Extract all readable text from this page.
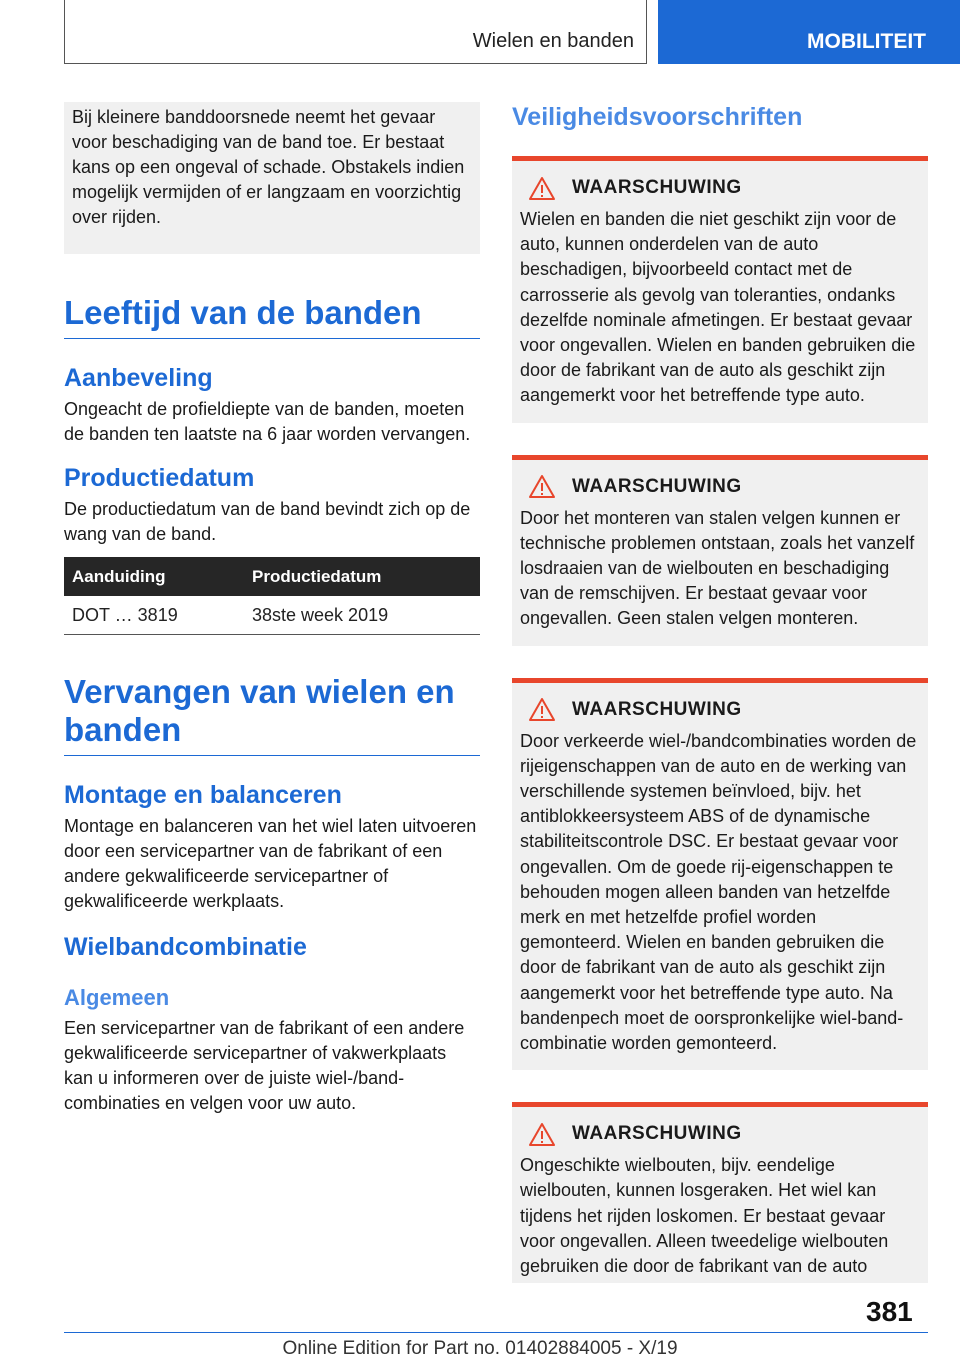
Wielen en banden	MOBILITEIT

Bij kleinere banddoorsnede neemt het gevaar voor beschadiging van de band toe. Er bestaat kans op een ongeval of schade. Obstakels indien mogelijk vermijden of er langzaam en voorzichtig over rijden.

Leeftijd van de banden
Aanbeveling

Ongeacht de profieldiepte van de banden, moeten de banden ten laatste na 6 jaar worden vervangen.

Productiedatum

De productiedatum van de band bevindt zich op de wang van de band.

Aanduiding	Productiedatum
DOT … 3819	38ste week 2019
Vervangen van wielen en banden
Montage en balanceren

Montage en balanceren van het wiel laten uitvoeren door een servicepartner van de fabrikant of een andere gekwalificeerde servicepartner of gekwalificeerde werkplaats.

Wielbandcombinatie
Algemeen

Een servicepartner van de fabrikant of een andere gekwalificeerde servicepartner of vakwerkplaats kan u informeren over de juiste wiel-/band-combinaties en velgen voor uw auto.

Veiligheidsvoorschriften
WAARSCHUWING

Wielen en banden die niet geschikt zijn voor de auto, kunnen onderdelen van de auto beschadigen, bijvoorbeeld contact met de carrosserie als gevolg van toleranties, ondanks dezelfde nominale afmetingen. Er bestaat gevaar voor ongevallen. Wielen en banden gebruiken die door de fabrikant van de auto als geschikt zijn aangemerkt voor het betreffende type auto.

WAARSCHUWING

Door het monteren van stalen velgen kunnen er technische problemen ontstaan, zoals het vanzelf losdraaien van de wielbouten en beschadiging van de remschijven. Er bestaat gevaar voor ongevallen. Geen stalen velgen monteren.

WAARSCHUWING

Door verkeerde wiel-/bandcombinaties worden de rijeigenschappen van de auto en de werking van verschillende systemen beïnvloed, bijv. het antiblokkeersysteem ABS of de dynamische stabiliteitscontrole DSC. Er bestaat gevaar voor ongevallen. Om de goede rij-eigenschappen te behouden mogen alleen banden van hetzelfde merk en met hetzelfde profiel worden gemonteerd. Wielen en banden gebruiken die door de fabrikant van de auto als geschikt zijn aangemerkt voor het betreffende type auto. Na bandenpech moet de oorspronkelijke wiel-band-combinatie worden gemonteerd.

WAARSCHUWING

Ongeschikte wielbouten, bijv. eendelige wielbouten, kunnen losgeraken. Het wiel kan tijdens het rijden loskomen. Er bestaat gevaar voor ongevallen. Alleen tweedelige wielbouten gebruiken die door de fabrikant van de auto

381
Online Edition for Part no. 01402884005 - X/19
